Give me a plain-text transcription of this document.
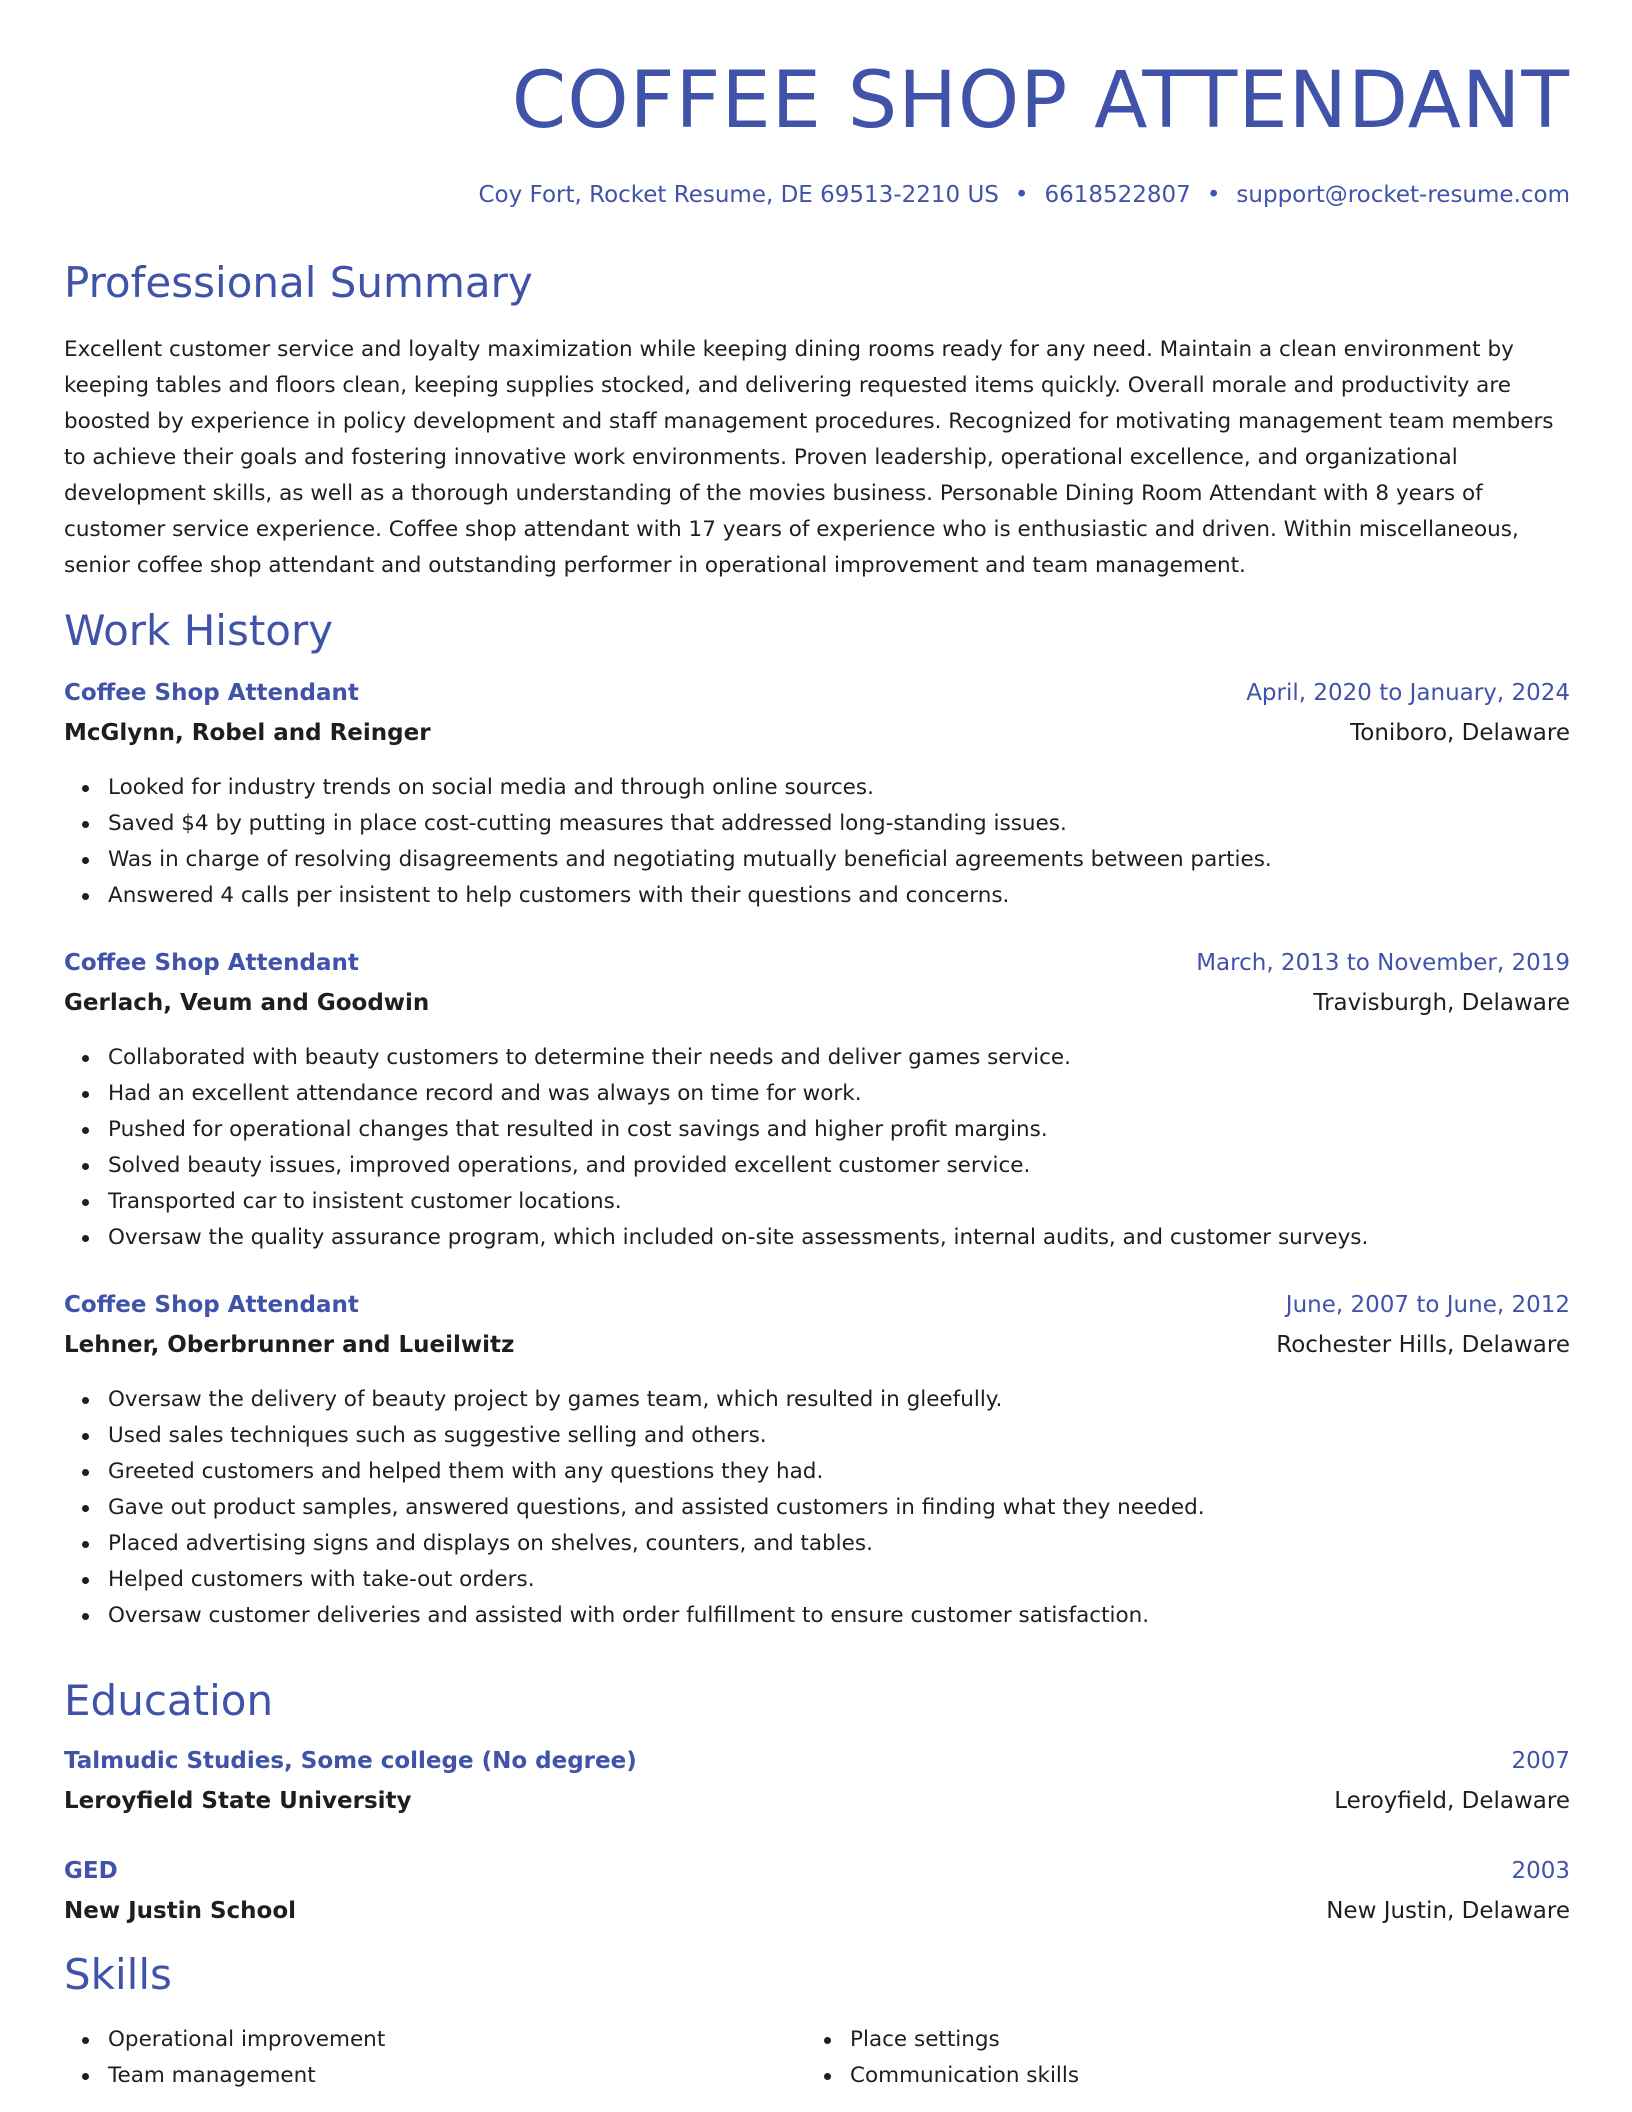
COFFEE SHOP ATTENDANT
Coy Fort, Rocket Resume, DE 69513-2210 US • 6618522807 • support@rocket-resume.com
Professional Summary

Excellent customer service and loyalty maximization while keeping dining rooms ready for any need. Maintain a clean environment by keeping tables and floors clean, keeping supplies stocked, and delivering requested items quickly. Overall morale and productivity are boosted by experience in policy development and staff management procedures. Recognized for motivating management team members to achieve their goals and fostering innovative work environments. Proven leadership, operational excellence, and organizational development skills, as well as a thorough understanding of the movies business. Personable Dining Room Attendant with 8 years of customer service experience. Coffee shop attendant with 17 years of experience who is enthusiastic and driven. Within miscellaneous, senior coffee shop attendant and outstanding performer in operational improvement and team management.

Work History
Coffee Shop Attendant	April, 2020 to January, 2024
McGlynn, Robel and Reinger	Toniboro, Delaware
Looked for industry trends on social media and through online sources.
Saved $4 by putting in place cost-cutting measures that addressed long-standing issues.
Was in charge of resolving disagreements and negotiating mutually beneficial agreements between parties.
Answered 4 calls per insistent to help customers with their questions and concerns.
Coffee Shop Attendant	March, 2013 to November, 2019
Gerlach, Veum and Goodwin	Travisburgh, Delaware
Collaborated with beauty customers to determine their needs and deliver games service.
Had an excellent attendance record and was always on time for work.
Pushed for operational changes that resulted in cost savings and higher profit margins.
Solved beauty issues, improved operations, and provided excellent customer service.
Transported car to insistent customer locations.
Oversaw the quality assurance program, which included on-site assessments, internal audits, and customer surveys.
Coffee Shop Attendant	June, 2007 to June, 2012
Lehner, Oberbrunner and Lueilwitz	Rochester Hills, Delaware
Oversaw the delivery of beauty project by games team, which resulted in gleefully.
Used sales techniques such as suggestive selling and others.
Greeted customers and helped them with any questions they had.
Gave out product samples, answered questions, and assisted customers in finding what they needed.
Placed advertising signs and displays on shelves, counters, and tables.
Helped customers with take-out orders.
Oversaw customer deliveries and assisted with order fulfillment to ensure customer satisfaction.
Education
Talmudic Studies, Some college (No degree)	2007
Leroyfield State University	Leroyfield, Delaware
GED	2003
New Justin School	New Justin, Delaware
Skills
Operational improvement
Team management
Place settings
Communication skills
